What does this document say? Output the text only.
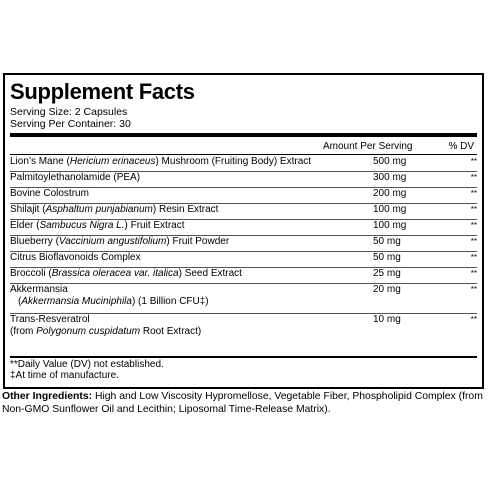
Supplement Facts
Serving Size: 2 Capsules
Serving Per Container: 30
Amount Per Serving	% DV
Lion’s Mane (Hericium erinaceus) Mushroom (Fruiting Body) Extract	500 mg	**
Palmitoylethanolamide (PEA)	300 mg	**
Bovine Colostrum	200 mg	**
Shilajit (Asphaltum punjabianum) Resin Extract	100 mg	**
Elder (Sambucus Nigra L.) Fruit Extract	100 mg	**
Blueberry (Vaccinium angustifolium) Fruit Powder	50 mg	**
Citrus Bioflavonoids Complex	50 mg	**
Broccoli (Brassica oleracea var. italica) Seed Extract	25 mg	**
Akkermansia
(Akkermansia Muciniphila) (1 Billion CFU‡)
20 mg	**
Trans-Resveratrol
(from Polygonum cuspidatum Root Extract)
10 mg	**
**Daily Value (DV) not established.
‡At time of manufacture.
Other Ingredients: High and Low Viscosity Hypromellose, Vegetable Fiber, Phospholipid Complex (from Non-GMO Sunflower Oil and Lecithin; Liposomal Time-Release Matrix).
